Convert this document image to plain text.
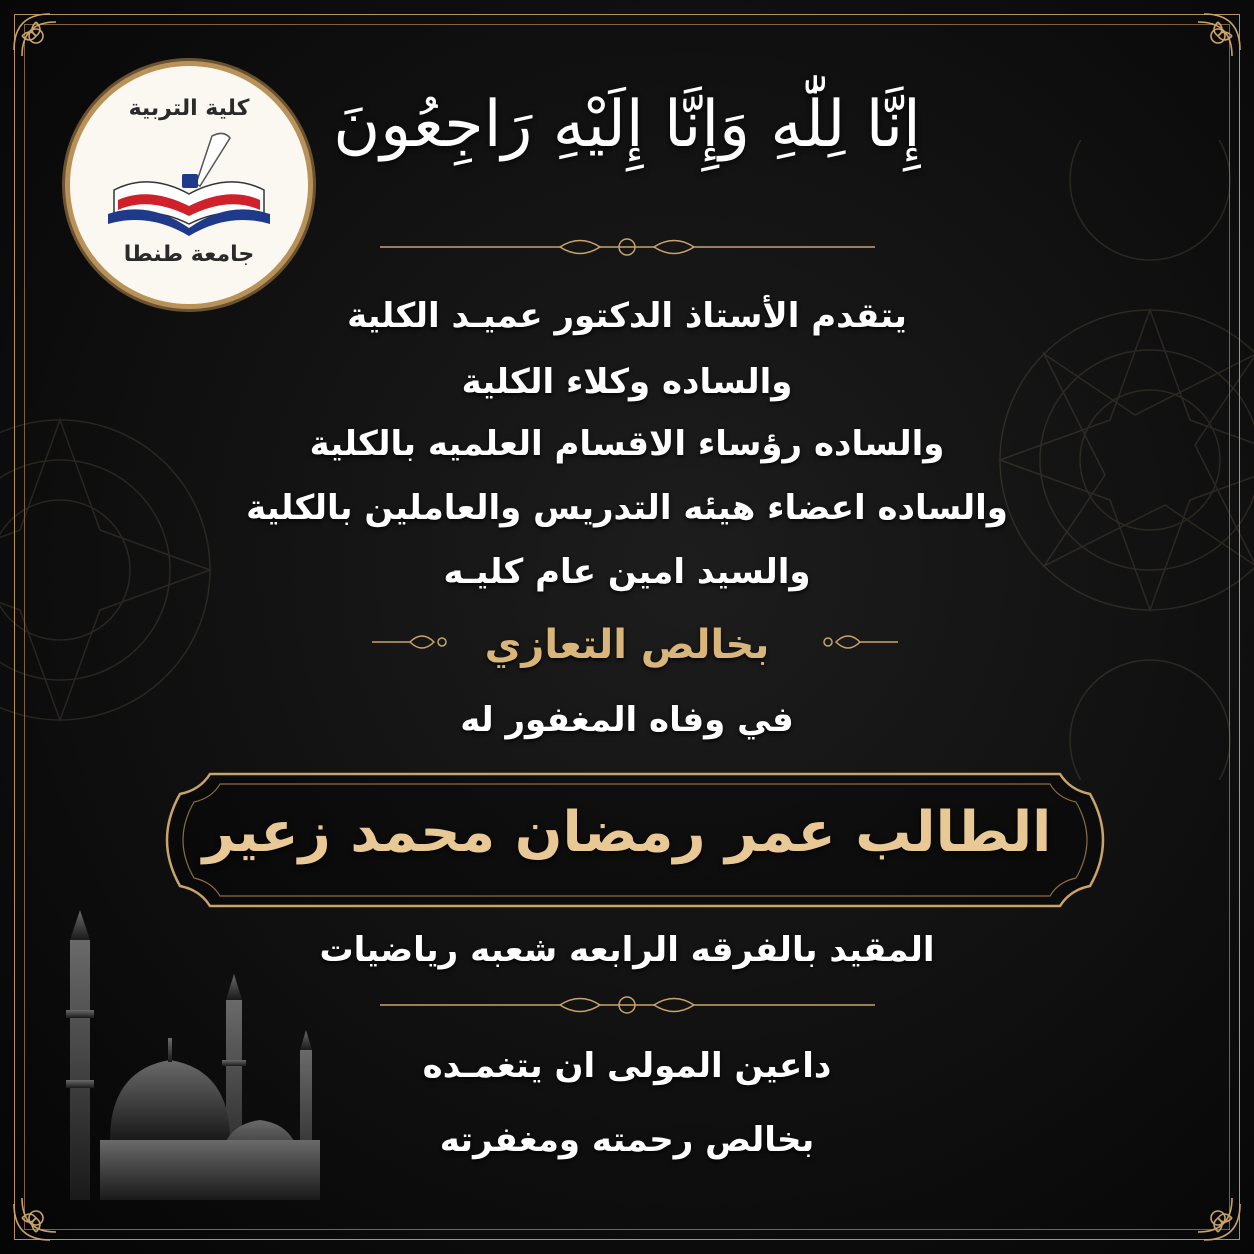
كلية التربية
جامعة طنطا
إِنَّا لِلّٰهِ وَإِنَّا إِلَيْهِ رَاجِعُونَ
يتقدم الأستاذ الدكتور عميـد الكلية
والساده وكلاء الكلية
والساده رؤساء الاقسام العلميه بالكلية
والساده اعضاء هيئه التدريس والعاملين بالكلية
والسيد امين عام كليـه
بخالص التعازي
في وفاه المغفور له
الطالب عمر رمضان محمد زعير
المقيد بالفرقه الرابعه شعبه رياضيات
داعين المولى ان يتغمـده
بخالص رحمته ومغفرته
